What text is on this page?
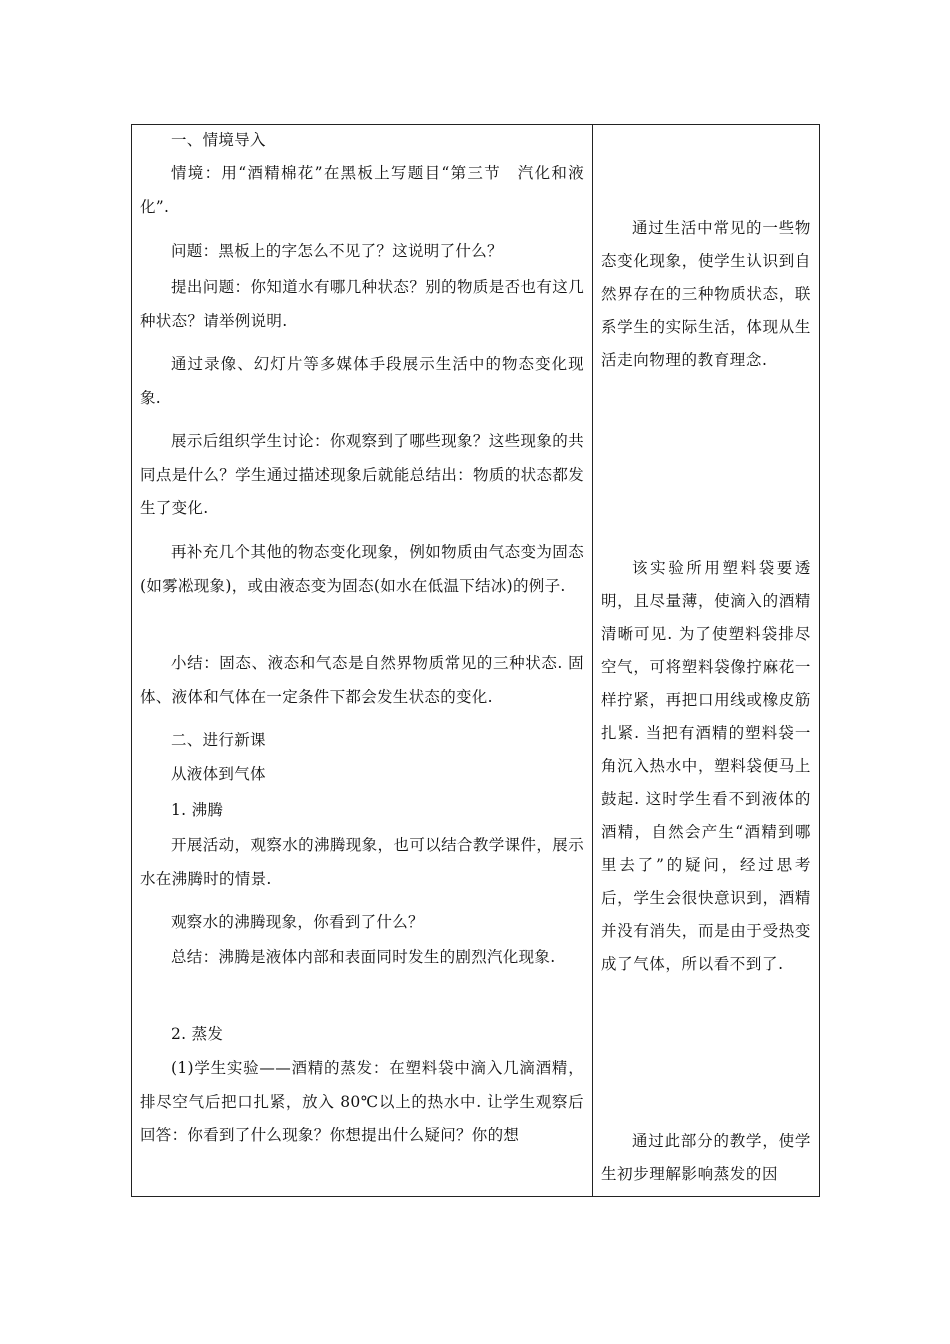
一、情境导入

情境：用“酒精棉花”在黑板上写题目“第三节　汽化和液化”.

问题：黑板上的字怎么不见了？这说明了什么？

提出问题：你知道水有哪几种状态？别的物质是否也有这几种状态？请举例说明.

通过录像、幻灯片等多媒体手段展示生活中的物态变化现象.

展示后组织学生讨论：你观察到了哪些现象？这些现象的共同点是什么？学生通过描述现象后就能总结出：物质的状态都发生了变化.

再补充几个其他的物态变化现象，例如物质由气态变为固态(如雾凇现象)，或由液态变为固态(如水在低温下结冰)的例子.

小结：固态、液态和气态是自然界物质常见的三种状态. 固体、液体和气体在一定条件下都会发生状态的变化.

二、进行新课

从液体到气体

1. 沸腾

开展活动，观察水的沸腾现象，也可以结合教学课件，展示水在沸腾时的情景.

观察水的沸腾现象，你看到了什么？

总结：沸腾是液体内部和表面同时发生的剧烈汽化现象.

2. 蒸发

(1)学生实验——酒精的蒸发：在塑料袋中滴入几滴酒精，排尽空气后把口扎紧，放入 80℃以上的热水中. 让学生观察后回答：你看到了什么现象？你想提出什么疑问？你的想

通过生活中常见的一些物态变化现象，使学生认识到自然界存在的三种物质状态，联系学生的实际生活，体现从生活走向物理的教育理念.

该实验所用塑料袋要透明，且尽量薄，使滴入的酒精清晰可见. 为了使塑料袋排尽空气，可将塑料袋像拧麻花一样拧紧，再把口用线或橡皮筋扎紧. 当把有酒精的塑料袋一角沉入热水中，塑料袋便马上鼓起. 这时学生看不到液体的酒精，自然会产生“酒精到哪里去了”的疑问，经过思考后，学生会很快意识到，酒精并没有消失，而是由于受热变成了气体，所以看不到了.

通过此部分的教学，使学生初步理解影响蒸发的因
